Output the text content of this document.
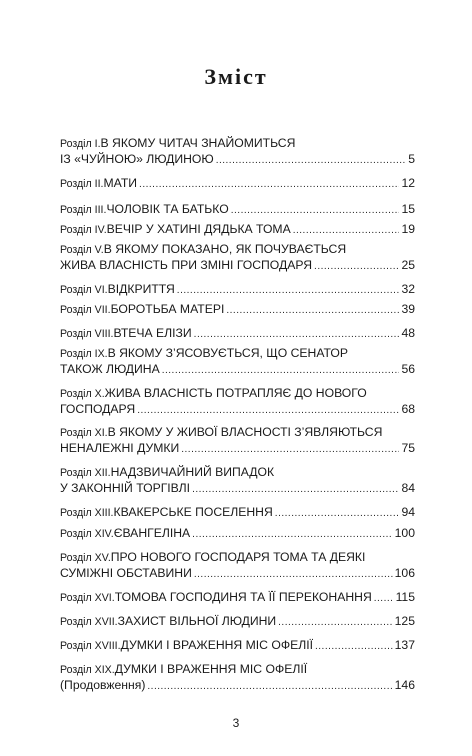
Зміст
Розділ I. В ЯКОМУ ЧИТАЧ ЗНАЙОМИТЬСЯ
ІЗ «ЧУЙНОЮ» ЛЮДИНОЮ .....	5
Розділ II. МАТИ .....	12
Розділ III. ЧОЛОВІК ТА БАТЬКО .....	15
Розділ IV. ВЕЧІР У ХАТИНІ ДЯДЬКА ТОМА .....	19
Розділ V. В ЯКОМУ ПОКАЗАНО, ЯК ПОЧУВАЄТЬСЯ
ЖИВА ВЛАСНІСТЬ ПРИ ЗМІНІ ГОСПОДАРЯ .....	25
Розділ VI. ВІДКРИТТЯ .....	32
Розділ VII. БОРОТЬБА МАТЕРІ .....	39
Розділ VIII. ВТЕЧА ЕЛІЗИ .....	48
Розділ IX. В ЯКОМУ З’ЯСОВУЄТЬСЯ, ЩО СЕНАТОР
ТАКОЖ ЛЮДИНА .....	56
Розділ X. ЖИВА ВЛАСНІСТЬ ПОТРАПЛЯЄ ДО НОВОГО
ГОСПОДАРЯ .....	68
Розділ XI. В ЯКОМУ У ЖИВОЇ ВЛАСНОСТІ З’ЯВЛЯЮТЬСЯ
НЕНАЛЕЖНІ ДУМКИ .....	75
Розділ XII. НАДЗВИЧАЙНИЙ ВИПАДОК
У ЗАКОННІЙ ТОРГІВЛІ .....	84
Розділ XIII. КВАКЕРСЬКЕ ПОСЕЛЕННЯ .....	94
Розділ XIV. ЄВАНГЕЛІНА .....	100
Розділ XV. ПРО НОВОГО ГОСПОДАРЯ ТОМА ТА ДЕЯКІ
СУМІЖНІ ОБСТАВИНИ .....	106
Розділ XVI. ТОМОВА ГОСПОДИНЯ ТА ЇЇ ПЕРЕКОНАННЯ ..... 115
Розділ XVII. ЗАХИСТ ВІЛЬНОЇ ЛЮДИНИ .....	125
Розділ XVIII. ДУМКИ І ВРАЖЕННЯ МІС ОФЕЛІЇ .....	137
Розділ XIX. ДУМКИ І ВРАЖЕННЯ МІС ОФЕЛІЇ
(Продовження) .....	146
3
